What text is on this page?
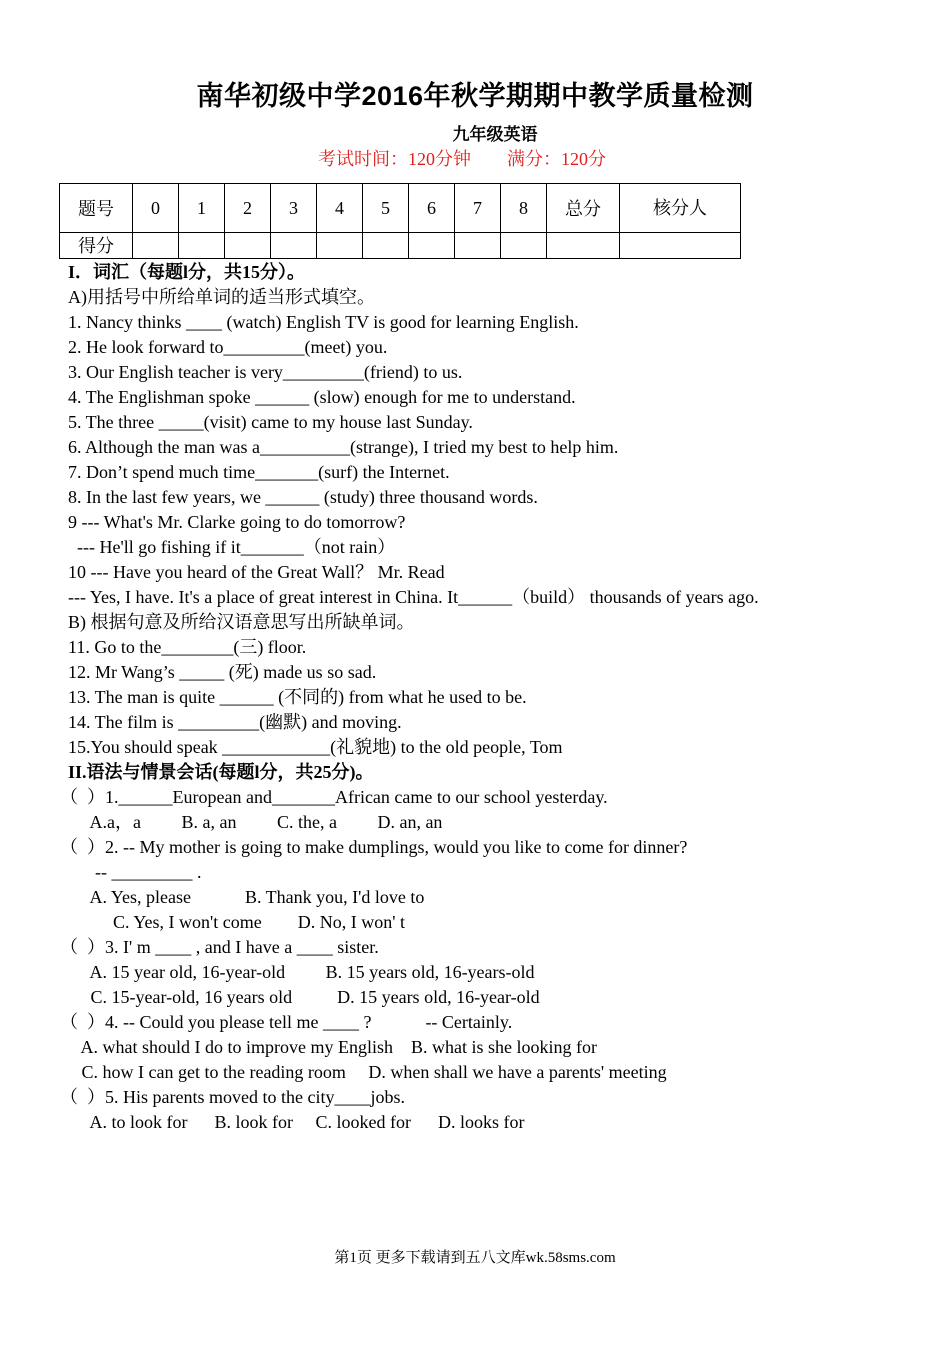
南华初级中学2016年秋学期期中教学质量检测
九年级英语
考试时间：120分钟 满分：120分
题号	0	1	2	3	4	5	6	7	8	总分	核分人
得分											
I．词汇（每题l分，共15分）。
A)用括号中所给单词的适当形式填空。
1. Nancy thinks ____ (watch) English TV is good for learning English.
2. He look forward to_________(meet) you.
3. Our English teacher is very_________(friend) to us.
4. The Englishman spoke ______ (slow) enough for me to understand.
5. The three _____(visit) came to my house last Sunday.
6. Although the man was a__________(strange), I tried my best to help him.
7. Don’t spend much time_______(surf) the Internet.
8. In the last few years, we ______ (study) three thousand words.
9 --- What's Mr. Clarke going to do tomorrow?
--- He'll go fishing if it_______（not rain）
10 --- Have you heard of the Great Wall？ Mr. Read
--- Yes, I have. It's a place of great interest in China. It______（build） thousands of years ago.
B) 根据句意及所给汉语意思写出所缺单词。
11. Go to the________(三) floor.
12. Mr Wang’s _____ (死) made us so sad.
13. The man is quite ______ (不同的) from what he used to be.
14. The film is _________(幽默) and moving.
15.You should speak ____________(礼貌地) to the old people, Tom
II.语法与情景会话(每题l分，共25分)。
（  ）1.______European and_______African came to our school yesterday.
A.a，a         B. a, an         C. the, a         D. an, an
（  ）2. -- My mother is going to make dumplings, would you like to come for dinner?
-- _________ .
A. Yes, please            B. Thank you, I'd love to
C. Yes, I won't come        D. No, I won' t
（  ）3. I' m ____ , and I have a ____ sister.
A. 15 year old, 16-year-old         B. 15 years old, 16-years-old
C. 15-year-old, 16 years old          D. 15 years old, 16-year-old
（  ）4. -- Could you please tell me ____ ?            -- Certainly.
A. what should I do to improve my English    B. what is she looking for
C. how I can get to the reading room     D. when shall we have a parents' meeting
（  ）5. His parents moved to the city____jobs.
A. to look for      B. look for     C. looked for      D. looks for
第1页 更多下载请到五八文库wk.58sms.com
